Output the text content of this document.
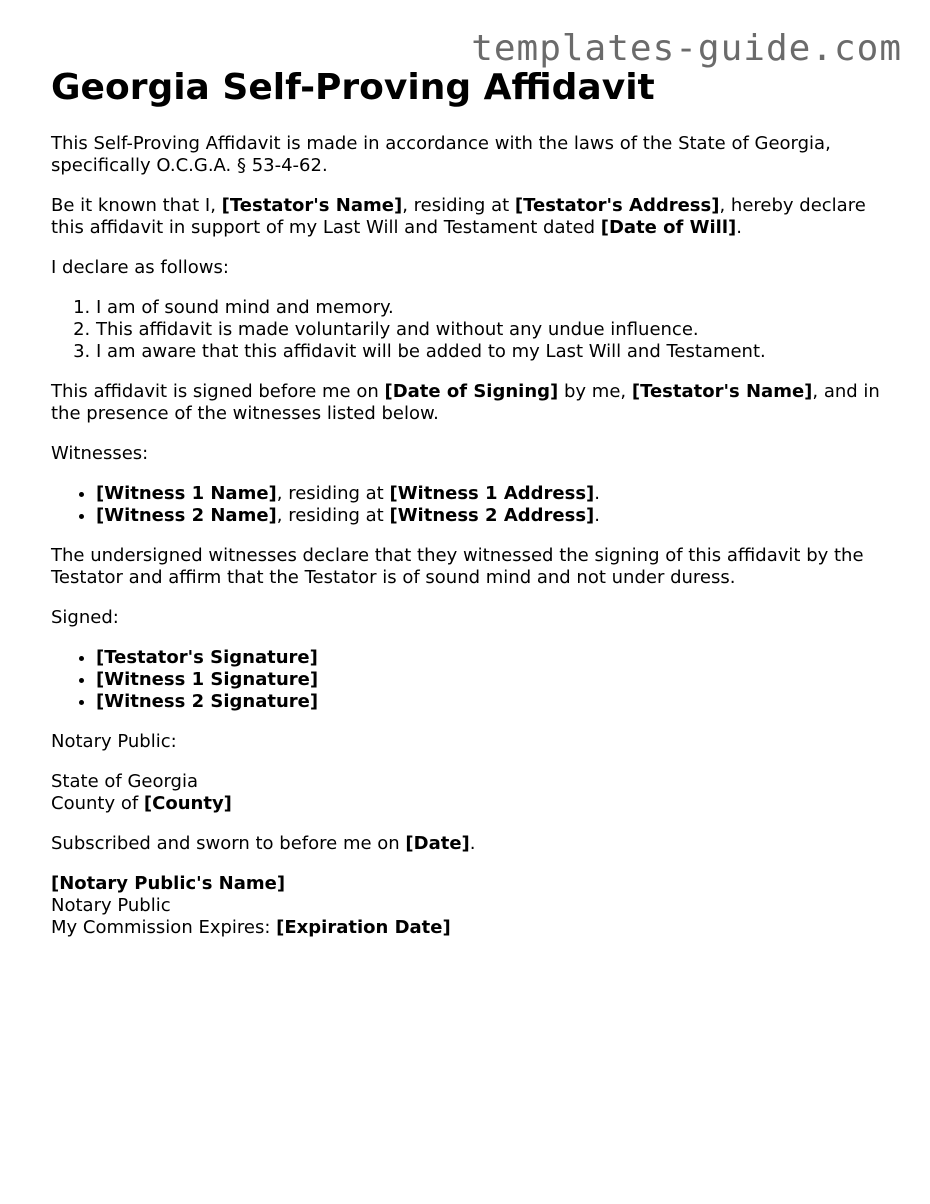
templates-guide.com
Georgia Self-Proving Affidavit

This Self-Proving Affidavit is made in accordance with the laws of the State of Georgia, specifically O.C.G.A. § 53-4-62.

Be it known that I, [Testator's Name], residing at [Testator's Address], hereby declare this affidavit in support of my Last Will and Testament dated [Date of Will].

I declare as follows:

1. I am of sound mind and memory.
2. This affidavit is made voluntarily and without any undue influence.
3. I am aware that this affidavit will be added to my Last Will and Testament.

This affidavit is signed before me on [Date of Signing] by me, [Testator's Name], and in the presence of the witnesses listed below.

Witnesses:

• [Witness 1 Name], residing at [Witness 1 Address].
• [Witness 2 Name], residing at [Witness 2 Address].

The undersigned witnesses declare that they witnessed the signing of this affidavit by the Testator and affirm that the Testator is of sound mind and not under duress.

Signed:

• [Testator's Signature]
• [Witness 1 Signature]
• [Witness 2 Signature]

Notary Public:

State of Georgia
County of [County]

Subscribed and sworn to before me on [Date].

[Notary Public's Name]
Notary Public
My Commission Expires: [Expiration Date]
